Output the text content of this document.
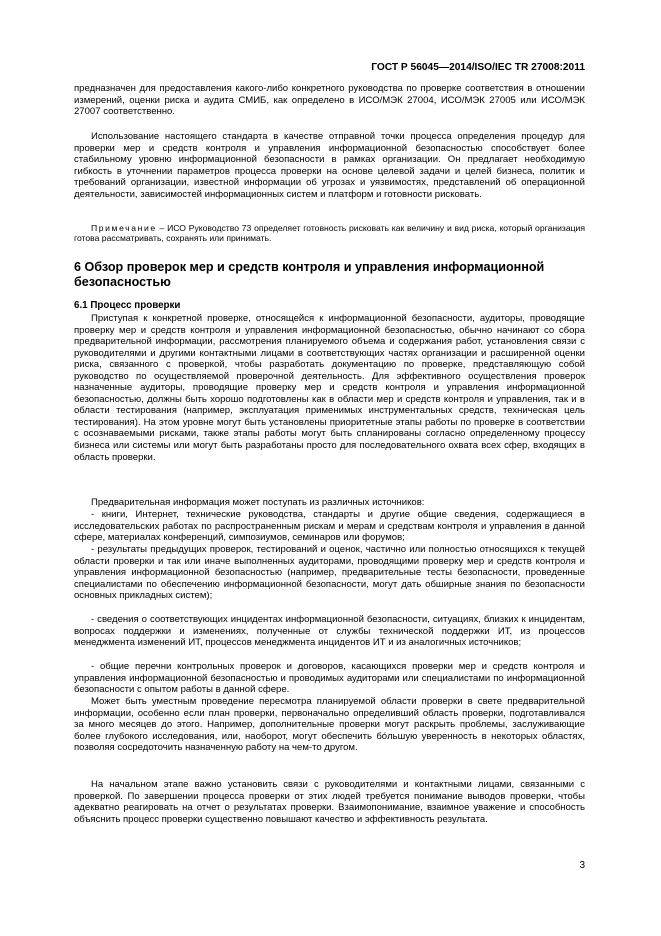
ГОСТ Р 56045—2014/ISO/IEC TR 27008:2011

предназначен для предоставления какого-либо конкретного руководства по проверке соответствия в отношении измерений, оценки риска и аудита СМИБ, как определено в ИСО/МЭК 27004, ИСО/МЭК 27005 или ИСО/МЭК 27007 соответственно.

Использование настоящего стандарта в качестве отправной точки процесса определения процедур для проверки мер и средств контроля и управления информационной безопасностью способствует более стабильному уровню информационной безопасности в рамках организации. Он предлагает необходимую гибкость в уточнении параметров процесса проверки на основе целевой задачи и целей бизнеса, политик и требований организации, известной информации об угрозах и уязвимостях, представлений об операционной деятельности, зависимостей информационных систем и платформ и готовности рисковать.

Примечание – ИСО Руководство 73 определяет готовность рисковать как величину и вид риска, который организация готова рассматривать, сохранять или принимать.

6 Обзор проверок мер и средств контроля и управления информационной безопасностью
6.1 Процесс проверки

Приступая к конкретной проверке, относящейся к информационной безопасности, аудиторы, проводящие проверку мер и средств контроля и управления информационной безопасностью, обычно начинают со сбора предварительной информации, рассмотрения планируемого объема и содержания работ, установления связи с руководителями и другими контактными лицами в соответствующих частях организации и расширенной оценки риска, связанного с проверкой, чтобы разработать документацию по проверке, представляющую собой руководство по осуществляемой проверочной деятельность. Для эффективного осуществления проверок назначенные аудиторы, проводящие проверку мер и средств контроля и управления информационной безопасностью, должны быть хорошо подготовлены как в области мер и средств контроля и управления, так и в области тестирования (например, эксплуатация применимых инструментальных средств, техническая цель тестирования). На этом уровне могут быть установлены приоритетные этапы работы по проверке в соответствии с осознаваемыми рисками, также этапы работы могут быть спланированы согласно определенному процессу бизнеса или системы или могут быть разработаны просто для последовательного охвата всех сфер, входящих в область проверки.

Предварительная информация может поступать из различных источников:

- книги, Интернет, технические руководства, стандарты и другие общие сведения, содержащиеся в исследовательских работах по распространенным рискам и мерам и средствам контроля и управления в данной сфере, материалах конференций, симпозиумов, семинаров или форумов;

- результаты предыдущих проверок, тестирований и оценок, частично или полностью относящихся к текущей области проверки и так или иначе выполненных аудиторами, проводящими проверку мер и средств контроля и управления информационной безопасностью (например, предварительные тесты безопасности, проведенные специалистами по обеспечению информационной безопасности, могут дать обширные знания по безопасности основных прикладных систем);

- сведения о соответствующих инцидентах информационной безопасности, ситуациях, близких к инцидентам, вопросах поддержки и изменениях, полученные от службы технической поддержки ИТ, из процессов менеджмента изменений ИТ, процессов менеджмента инцидентов ИТ и из аналогичных источников;

- общие перечни контрольных проверок и договоров, касающихся проверки мер и средств контроля и управления информационной безопасностью и проводимых аудиторами или специалистами по информационной безопасности с опытом работы в данной сфере.

Может быть уместным проведение пересмотра планируемой области проверки в свете предварительной информации, особенно если план проверки, первоначально определивший область проверки, подготавливался за много месяцев до этого. Например, дополнительные проверки могут раскрыть проблемы, заслуживающие более глубокого исследования, или, наоборот, могут обеспечить бóльшую уверенность в некоторых областях, позволяя сосредоточить назначенную работу на чем-то другом.

На начальном этапе важно установить связи с руководителями и контактными лицами, связанными с проверкой. По завершении процесса проверки от этих людей требуется понимание выводов проверки, чтобы адекватно реагировать на отчет о результатах проверки. Взаимопонимание, взаимное уважение и способность объяснить процесс проверки существенно повышают качество и эффективность результата.

3
